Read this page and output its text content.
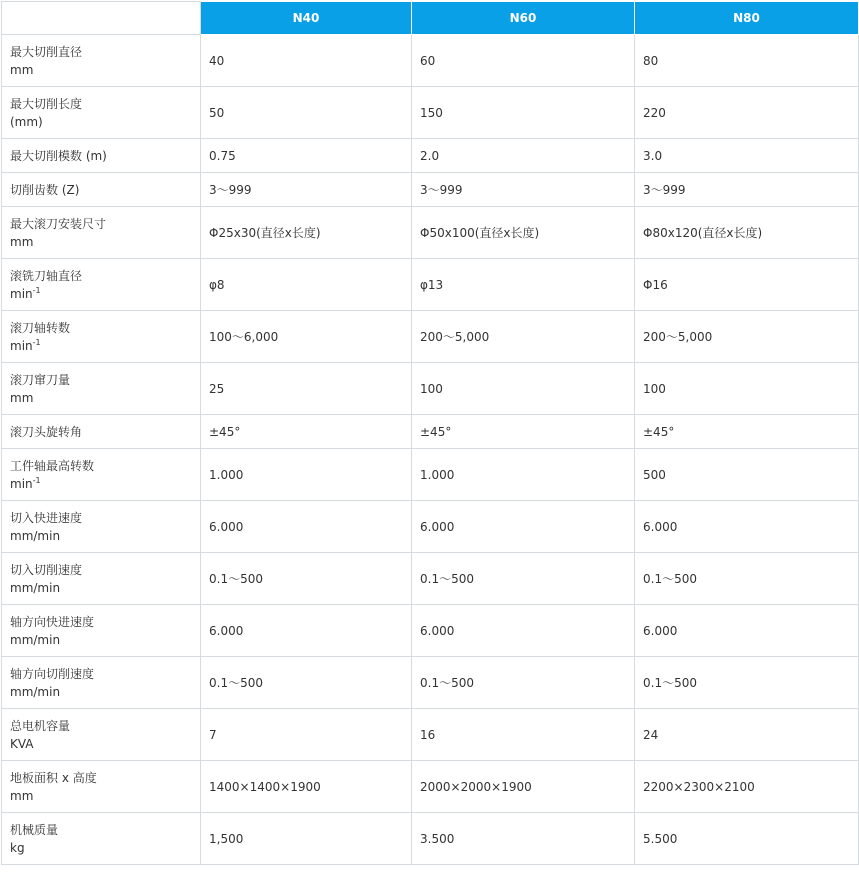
	N40	N60	N80

最大切削直径
mm	40	60	80

最大切削长度
(mm)	50	150	220

最大切削模数 (m)	0.75	2.0	3.0

切削齿数 (Z)	3～999	3～999	3～999

最大滚刀安装尺寸
mm	Φ25x30(直径x长度)	Φ50x100(直径x长度)	Φ80x120(直径x长度)

滚铣刀轴直径
$\min^{-1}$	φ8	φ13	Φ16

滚刀轴转数
$\min^{-1}$	100～6,000	200～5,000	200～5,000

滚刀窜刀量
mm	25	100	100

滚刀头旋转角	±45°	±45°	±45°

工件轴最高转数
$\min^{-1}$	1.000	1.000	500

切入快进速度
mm/min	6.000	6.000	6.000

切入切削速度
mm/min	0.1～500	0.1～500	0.1～500

轴方向快进速度
mm/min	6.000	6.000	6.000

轴方向切削速度
mm/min	0.1～500	0.1～500	0.1～500

总电机容量
KVA	7	16	24

地板面积 x 高度
mm	1400×1400×1900	2000×2000×1900	2200×2300×2100

机械质量
kg	1,500	3.500	5.500
